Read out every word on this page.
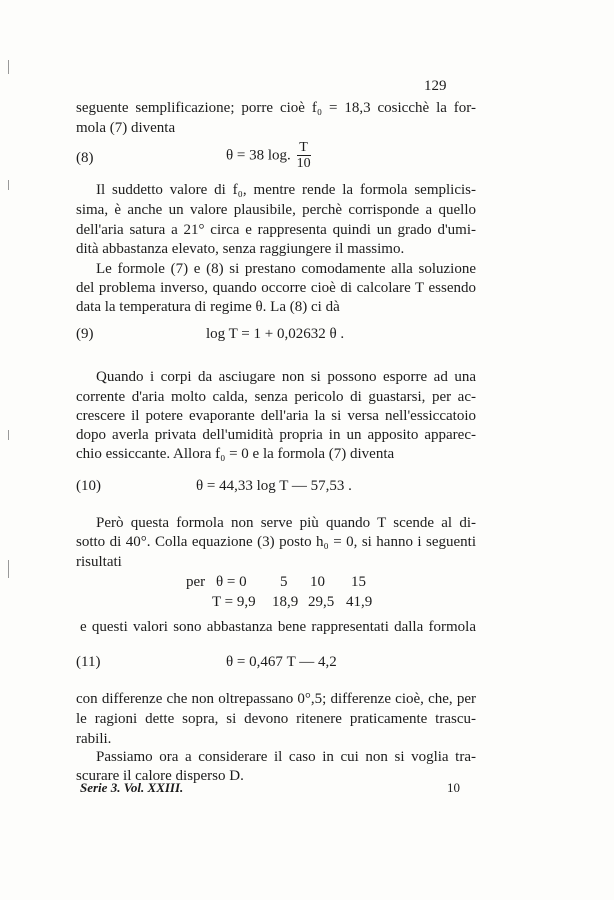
129
seguente semplificazione; porre cioè f₀ = 18,3 cosicchè la for-
mola (7) diventa
(8)	θ = 38 log. $\frac{T}{10}$
Il suddetto valore di f₀, mentre rende la formola semplicis-
sima, è anche un valore plausibile, perchè corrisponde a quello
dell'aria satura a 21° circa e rappresenta quindi un grado d'umi-
dità abbastanza elevato, senza raggiungere il massimo.
Le formole (7) e (8) si prestano comodamente alla soluzione
del problema inverso, quando occorre cioè di calcolare T essendo
data la temperatura di regime θ. La (8) ci dà
(9)	log T = 1 + 0,02632 θ .
Quando i corpi da asciugare non si possono esporre ad una
corrente d'aria molto calda, senza pericolo di guastarsi, per ac-
crescere il potere evaporante dell'aria la si versa nell'essiccatoio
dopo averla privata dell'umidità propria in un apposito apparec-
chio essiccante. Allora f₀ = 0 e la formola (7) diventa
(10)	θ = 44,33 log T — 57,53 .
Però questa formola non serve più quando T scende al di-
sotto di 40°. Colla equazione (3) posto h₀ = 0, si hanno i seguenti
risultati
per θ = 0 5 10 15
T = 9,9 18,9 29,5 41,9
e questi valori sono abbastanza bene rappresentati dalla formola
(11)	θ = 0,467 T — 4,2
con differenze che non oltrepassano 0°,5; differenze cioè, che, per
le ragioni dette sopra, si devono ritenere praticamente trascu-
rabili.
Passiamo ora a considerare il caso in cui non si voglia tra-
scurare il calore disperso D.
Serie 3. Vol. XXIII.	10
